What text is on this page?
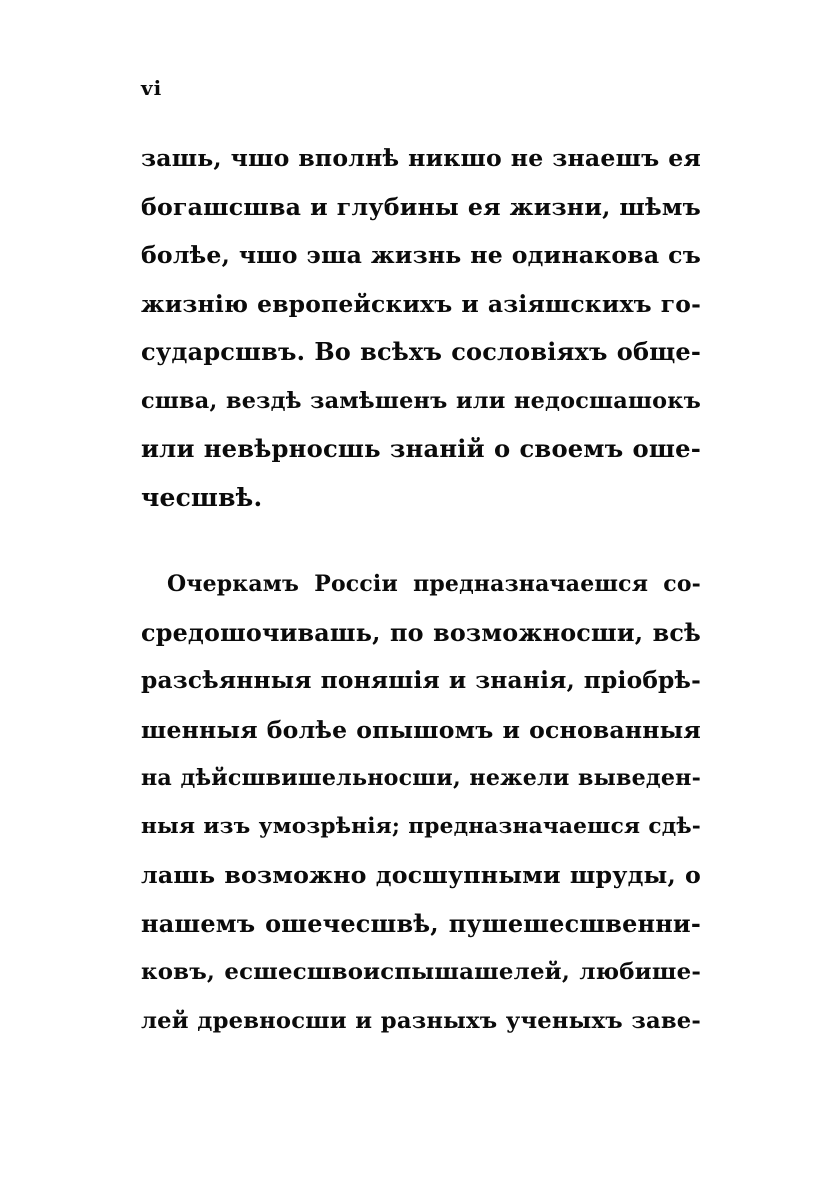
vi
зашь, чшо вполнѣ никшо не знаешъ ея
богашсшва и глубины ея жизни, шѣмъ
болѣе, чшо эша жизнь не одинакова съ
жизнію европейскихъ и азіяшскихъ го-
сударсшвъ. Во всѣхъ сословіяхъ обще-
сшва, вездѣ замѣшенъ или недосшашокъ
или невѣрносшь знаній о своемъ оше-
чесшвѣ.
Очеркамъ Россіи предназначаешся со-
средошочивашь, по возможносши, всѣ
разсѣянныя поняшія и знанія, пріобрѣ-
шенныя болѣе опышомъ и основанныя
на дѣйсшвишельносши, нежели выведен-
ныя изъ умозрѣнія; предназначаешся сдѣ-
лашь возможно досшупными шруды, о
нашемъ ошечесшвѣ, пушешесшвенни-
ковъ, есшесшвоиспышашелей, любише-
лей древносши и разныхъ ученыхъ заве-
